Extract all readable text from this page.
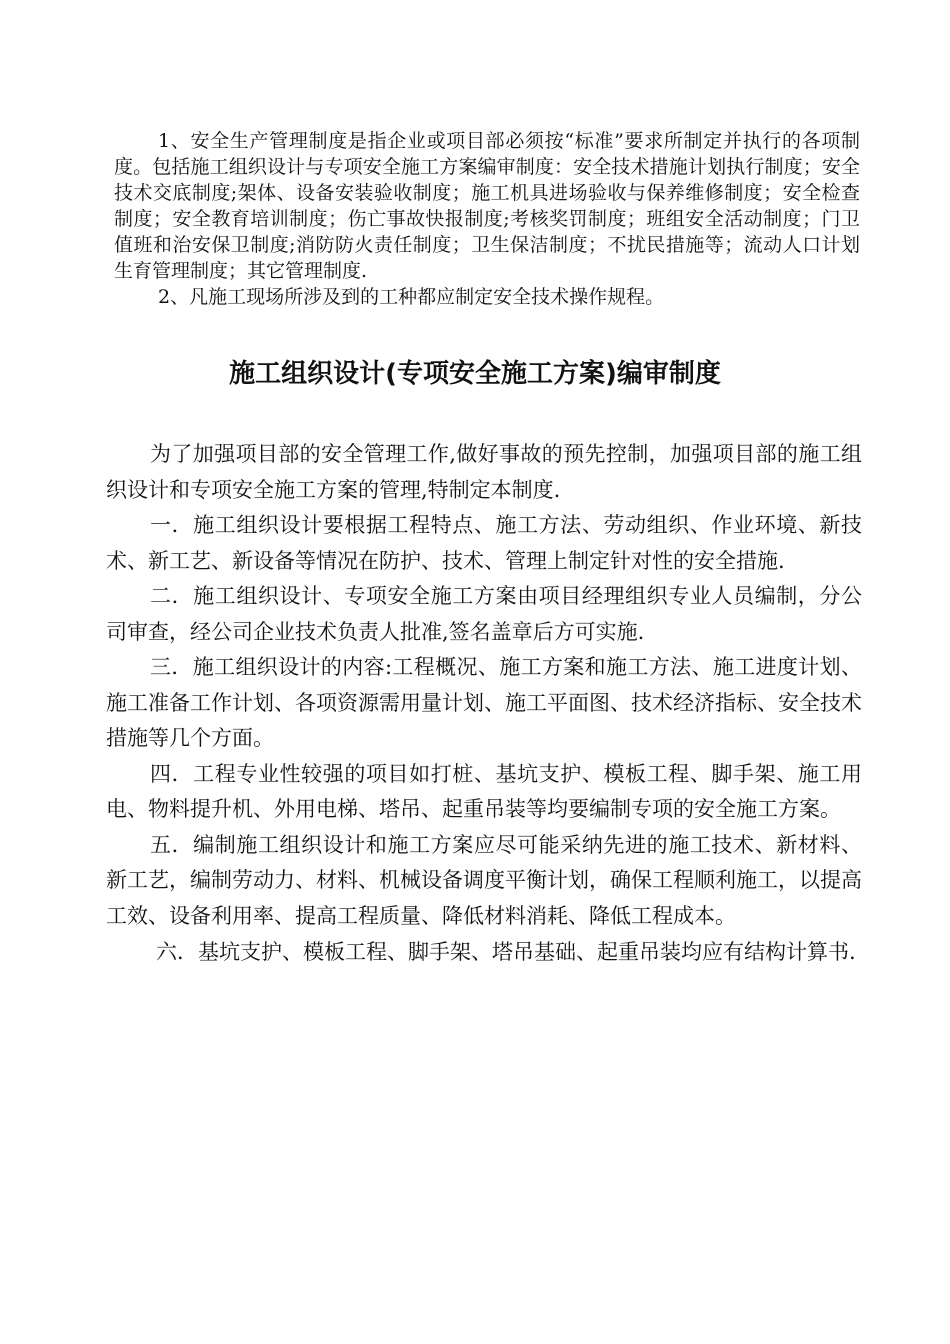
1、安全生产管理制度是指企业或项目部必须按“标准”要求所制定并执行的各项制度。包括施工组织设计与专项安全施工方案编审制度：安全技术措施计划执行制度；安全技术交底制度;架体、设备安装验收制度；施工机具进场验收与保养维修制度；安全检查制度；安全教育培训制度；伤亡事故快报制度;考核奖罚制度；班组安全活动制度；门卫值班和治安保卫制度;消防防火责任制度；卫生保洁制度；不扰民措施等；流动人口计划生育管理制度；其它管理制度.

2、凡施工现场所涉及到的工种都应制定安全技术操作规程。

施工组织设计(专项安全施工方案)编审制度

为了加强项目部的安全管理工作,做好事故的预先控制，加强项目部的施工组织设计和专项安全施工方案的管理,特制定本制度.

一．施工组织设计要根据工程特点、施工方法、劳动组织、作业环境、新技术、新工艺、新设备等情况在防护、技术、管理上制定针对性的安全措施.

二．施工组织设计、专项安全施工方案由项目经理组织专业人员编制，分公司审查，经公司企业技术负责人批准,签名盖章后方可实施.

三．施工组织设计的内容:工程概况、施工方案和施工方法、施工进度计划、施工准备工作计划、各项资源需用量计划、施工平面图、技术经济指标、安全技术措施等几个方面。

四．工程专业性较强的项目如打桩、基坑支护、模板工程、脚手架、施工用电、物料提升机、外用电梯、塔吊、起重吊装等均要编制专项的安全施工方案。

五．编制施工组织设计和施工方案应尽可能采纳先进的施工技术、新材料、新工艺，编制劳动力、材料、机械设备调度平衡计划，确保工程顺利施工，以提高工效、设备利用率、提高工程质量、降低材料消耗、降低工程成本。

六．基坑支护、模板工程、脚手架、塔吊基础、起重吊装均应有结构计算书.
